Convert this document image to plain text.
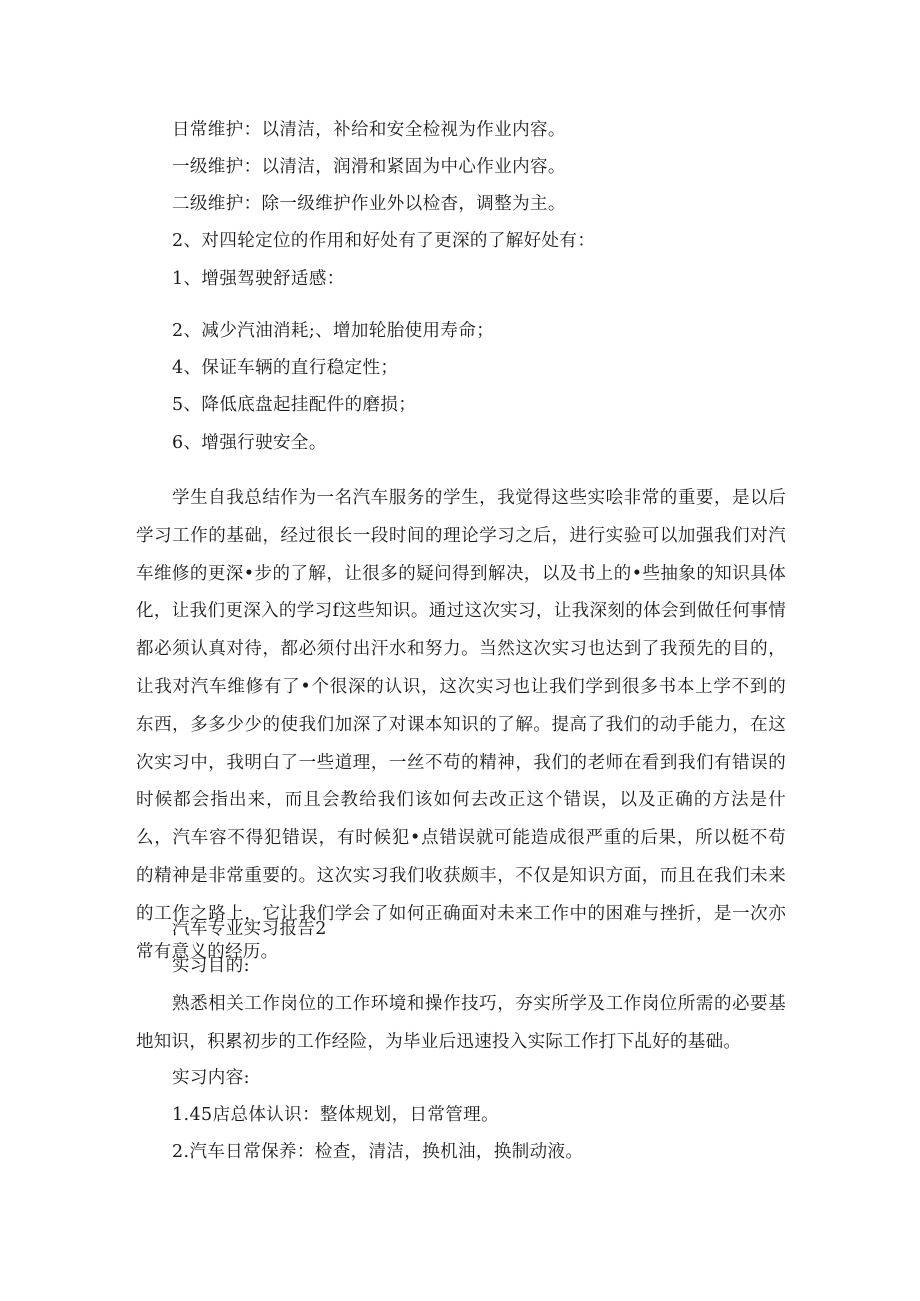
日常维护：以清洁，补给和安全检视为作业内容。

一级维护：以清洁，润滑和紧固为中心作业内容。

二级维护：除一级维护作业外以检杳，调整为主。

2、对四轮定位的作用和好处有了更深的了解好处有：

1、增强驾驶舒适感：

2、减少汽油消耗;、增加轮胎使用寿命；

4、保证车辆的直行稳定性；

5、降低底盘起挂配件的磨损；

6、增强行驶安全。

学生自我总结作为一名汽车服务的学生，我觉得这些实哙非常的重要，是以后学习工作的基础，经过很长一段时间的理论学习之后，进行实验可以加强我们对汽车维修的更深•步的了解，让很多的疑问得到解决，以及书上的•些抽象的知识具体化，让我们更深入的学习f这些知识。通过这次实习，让我深刻的体会到做任何事情都必须认真对待，都必须付出汗水和努力。当然这次实习也达到了我预先的目的，让我对汽车维修有了•个很深的认识，这次实习也让我们学到很多书本上学不到的东西，多多少少的使我们加深了对课本知识的了解。提高了我们的动手能力，在这次实习中，我明白了一些道理，一丝不苟的精神，我们的老师在看到我们有错误的时候都会指出来，而且会教给我们该如何去改正这个错误，以及正确的方法是什么，汽车容不得犯错误，有时候犯•点错误就可能造成很严重的后果，所以梃不苟的精神是非常重要的。这次实习我们收获颇丰，不仅是知识方面，而且在我们未来的工作之路上，它让我们学会了如何正确面对未来工作中的困难与挫折，是一次亦常有意义的经历。

汽车专业实习报告2

实习目的:

熟悉相关工作岗位的工作环境和操作技巧，夯实所学及工作岗位所需的必要基地知识，积累初步的工作经险，为毕业后迅速投入实际工作打下乩好的基础。

实习内容:

1.45店总体认识：整体规划，日常管理。

2.汽车日常保养：检查，清洁，换机油，换制动液。
